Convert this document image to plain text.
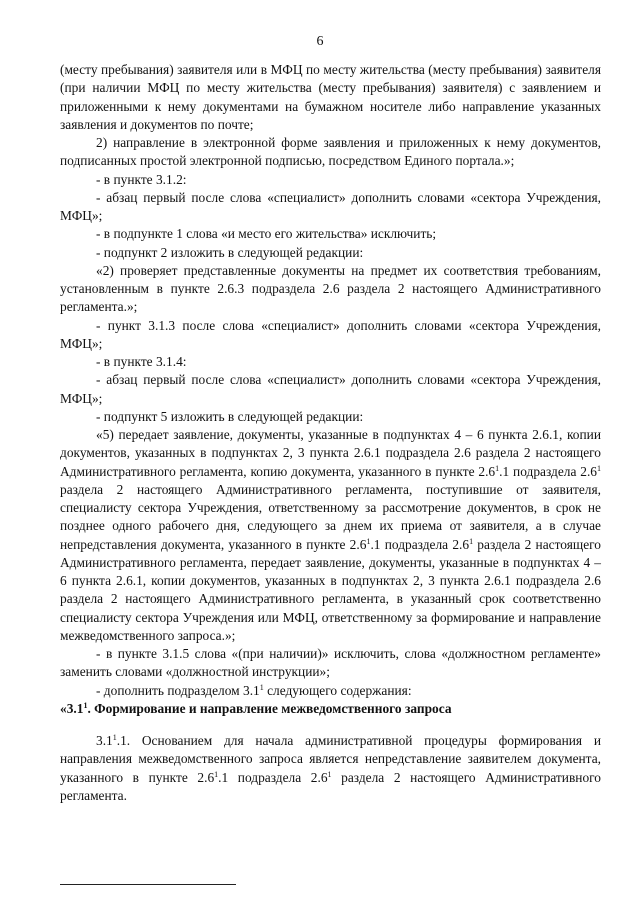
6

(месту пребывания) заявителя или в МФЦ по месту жительства (месту пребывания) заявителя (при наличии МФЦ по месту жительства (месту пребывания) заявителя) с заявлением и приложенными к нему документами на бумажном носителе либо направление указанных заявления и документов по почте;

2) направление в электронной форме заявления и приложенных к нему документов, подписанных простой электронной подписью, посредством Единого портала.»;

- в пункте 3.1.2:

- абзац первый после слова «специалист» дополнить словами «сектора Учреждения, МФЦ»;

- в подпункте 1 слова «и место его жительства» исключить;

- подпункт 2 изложить в следующей редакции:

«2) проверяет представленные документы на предмет их соответствия требованиям, установленным в пункте 2.6.3 подраздела 2.6 раздела 2 настоящего Административного регламента.»;

- пункт 3.1.3 после слова «специалист» дополнить словами «сектора Учреждения, МФЦ»;

- в пункте 3.1.4:

- абзац первый после слова «специалист» дополнить словами «сектора Учреждения, МФЦ»;

- подпункт 5 изложить в следующей редакции:

«5) передает заявление, документы, указанные в подпунктах 4 – 6 пункта 2.6.1, копии документов, указанных в подпунктах 2, 3 пункта 2.6.1 подраздела 2.6 раздела 2 настоящего Административного регламента, копию документа, указанного в пункте $2.6^1.1$ подраздела $2.6^1$ раздела 2 настоящего Административного регламента, поступившие от заявителя, специалисту сектора Учреждения, ответственному за рассмотрение документов, в срок не позднее одного рабочего дня, следующего за днем их приема от заявителя, а в случае непредставления документа, указанного в пункте $2.6^1.1$ подраздела $2.6^1$ раздела 2 настоящего Административного регламента, передает заявление, документы, указанные в подпунктах 4 – 6 пункта 2.6.1, копии документов, указанных в подпунктах 2, 3 пункта 2.6.1 подраздела 2.6 раздела 2 настоящего Административного регламента, в указанный срок соответственно специалисту сектора Учреждения или МФЦ, ответственному за формирование и направление межведомственного запроса.»;

- в пункте 3.1.5 слова «(при наличии)» исключить, слова «должностном регламенте» заменить словами «должностной инструкции»;

- дополнить подразделом $3.1^1$ следующего содержания:

«$3.1^1$. Формирование и направление межведомственного запроса

$3.1^1.1$. Основанием для начала административной процедуры формирования и направления межведомственного запроса является непредставление заявителем документа, указанного в пункте $2.6^1.1$ подраздела $2.6^1$ раздела 2 настоящего Административного регламента.
